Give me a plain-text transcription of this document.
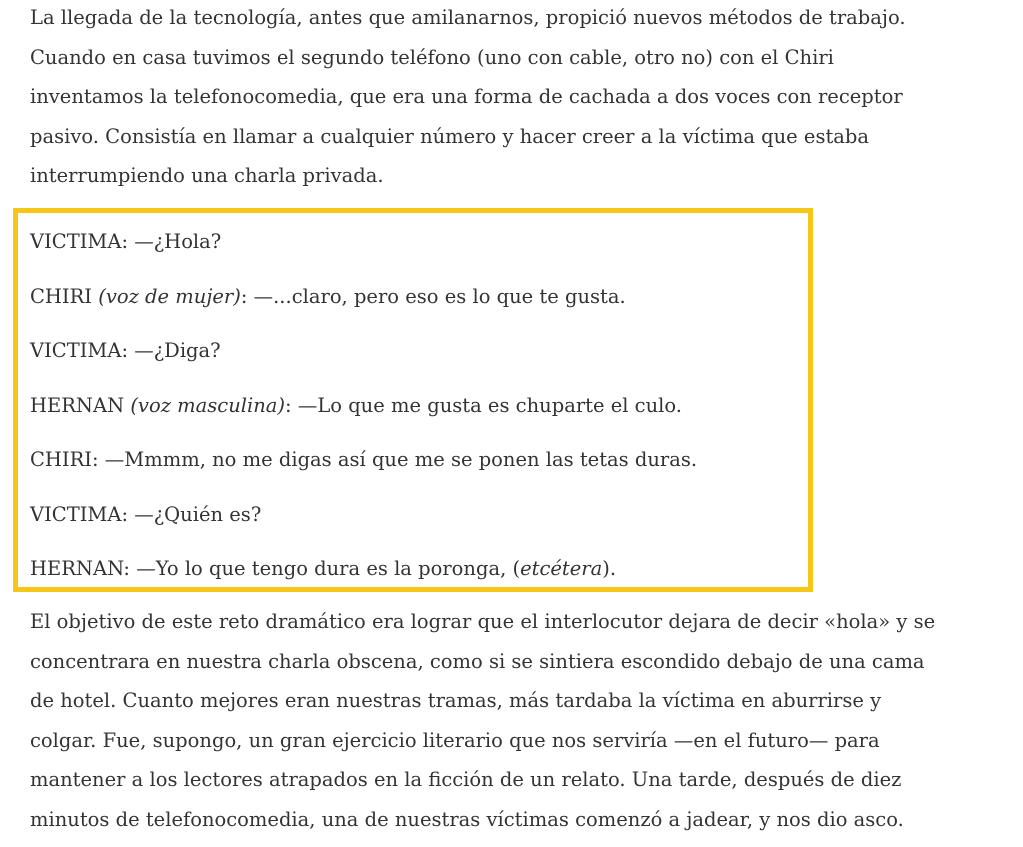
La llegada de la tecnología, antes que amilanarnos, propició nuevos métodos de trabajo.
Cuando en casa tuvimos el segundo teléfono (uno con cable, otro no) con el Chiri
inventamos la telefonocomedia, que era una forma de cachada a dos voces con receptor
pasivo. Consistía en llamar a cualquier número y hacer creer a la víctima que estaba
interrumpiendo una charla privada.
VICTIMA: —¿Hola?
CHIRI (voz de mujer): —...claro, pero eso es lo que te gusta.
VICTIMA: —¿Diga?
HERNAN (voz masculina): —Lo que me gusta es chuparte el culo.
CHIRI: —Mmmm, no me digas así que me se ponen las tetas duras.
VICTIMA: —¿Quién es?
HERNAN: —Yo lo que tengo dura es la poronga, (etcétera).
El objetivo de este reto dramático era lograr que el interlocutor dejara de decir «hola» y se
concentrara en nuestra charla obscena, como si se sintiera escondido debajo de una cama
de hotel. Cuanto mejores eran nuestras tramas, más tardaba la víctima en aburrirse y
colgar. Fue, supongo, un gran ejercicio literario que nos serviría —en el futuro— para
mantener a los lectores atrapados en la ficción de un relato. Una tarde, después de diez
minutos de telefonocomedia, una de nuestras víctimas comenzó a jadear, y nos dio asco.
